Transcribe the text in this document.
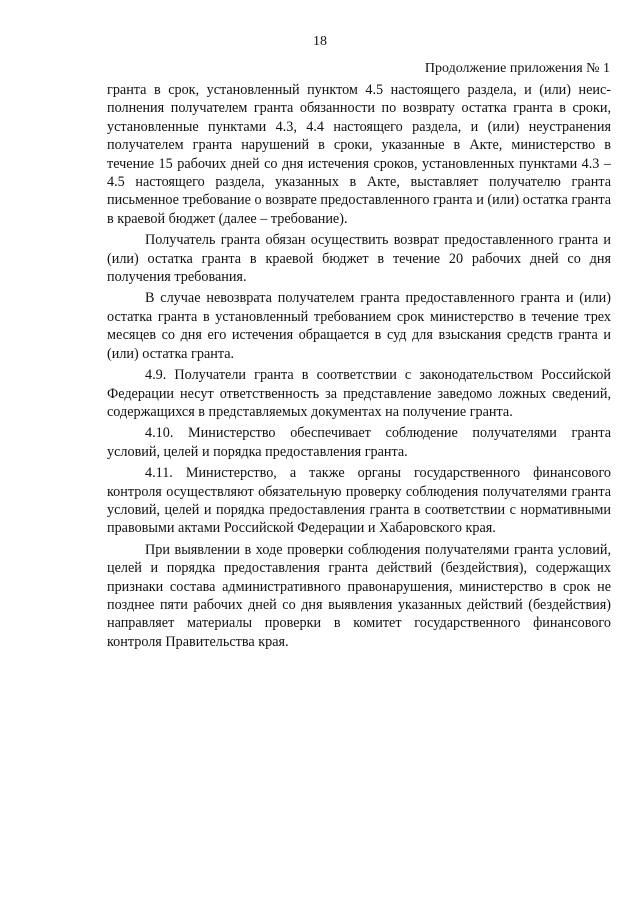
18
Продолжение приложения № 1

гранта в срок, установленный пунктом 4.5 настоящего раздела, и (или) неисполнения получателем гранта обязанности по возврату остатка гранта в сроки, установленные пунктами 4.3, 4.4 настоящего раздела, и (или) неустранения получателем гранта нарушений в сроки, указанные в Акте, министерство в течение 15 рабочих дней со дня истечения сроков, установленных пунктами 4.3 – 4.5 настоящего раздела, указанных в Акте, выставляет получателю гранта письменное требование о возврате предоставленного гранта и (или) остатка гранта в краевой бюджет (далее – требование).

Получатель гранта обязан осуществить возврат предоставленного гранта и (или) остатка гранта в краевой бюджет в течение 20 рабочих дней со дня получения требования.

В случае невозврата получателем гранта предоставленного гранта и (или) остатка гранта в установленный требованием срок министерство в течение трех месяцев со дня его истечения обращается в суд для взыскания средств гранта и (или) остатка гранта.

4.9. Получатели гранта в соответствии с законодательством Российской Федерации несут ответственность за представление заведомо ложных сведений, содержащихся в представляемых документах на получение гранта.

4.10. Министерство обеспечивает соблюдение получателями гранта условий, целей и порядка предоставления гранта.

4.11. Министерство, а также органы государственного финансового контроля осуществляют обязательную проверку соблюдения получателями гранта условий, целей и порядка предоставления гранта в соответствии с нормативными правовыми актами Российской Федерации и Хабаровского края.

При выявлении в ходе проверки соблюдения получателями гранта условий, целей и порядка предоставления гранта действий (бездействия), содержащих признаки состава административного правонарушения, министерство в срок не позднее пяти рабочих дней со дня выявления указанных действий (бездействия) направляет материалы проверки в комитет государственного финансового контроля Правительства края.
